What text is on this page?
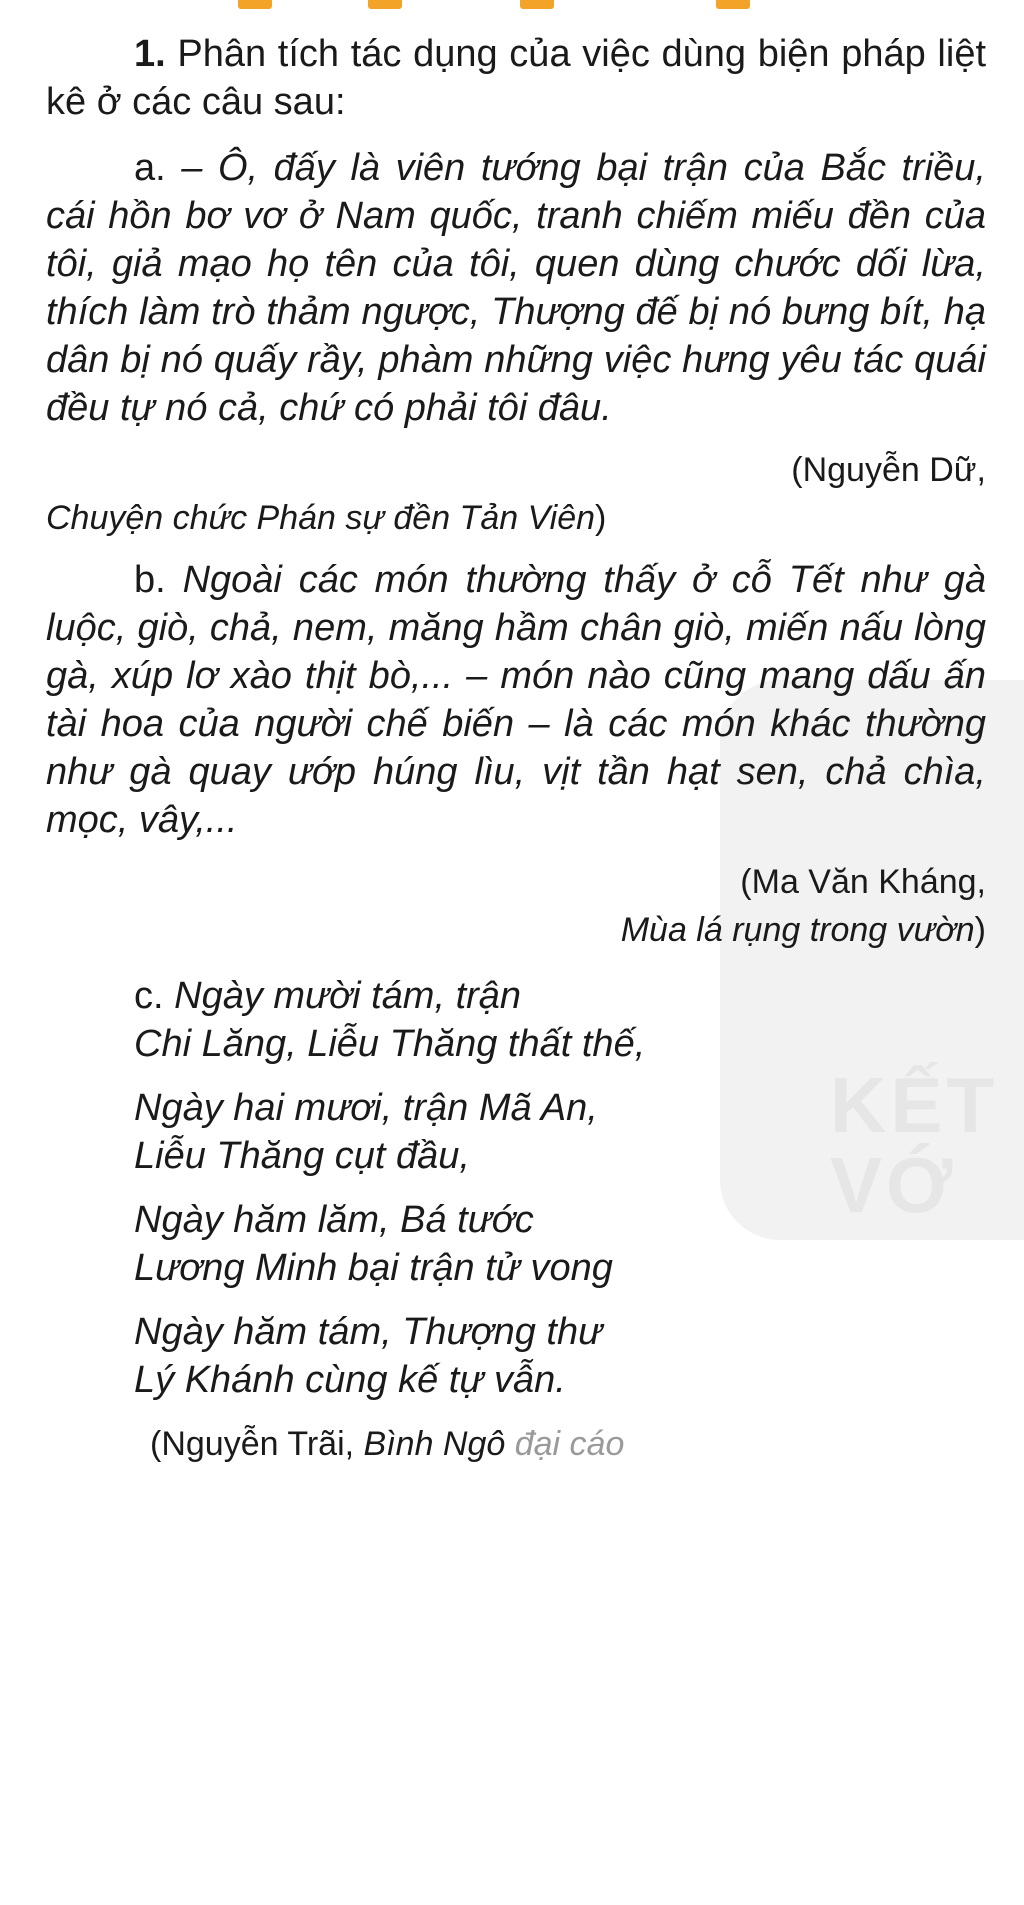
KẾT
VỚ

1. Phân tích tác dụng của việc dùng biện pháp liệt kê ở các câu sau:

a. – Ô, đấy là viên tướng bại trận của Bắc triều, cái hồn bơ vơ ở Nam quốc, tranh chiếm miếu đền của tôi, giả mạo họ tên của tôi, quen dùng chước dối lừa, thích làm trò thảm ngược, Thượng đế bị nó bưng bít, hạ dân bị nó quấy rầy, phàm những việc hưng yêu tác quái đều tự nó cả, chứ có phải tôi đâu.

(Nguyễn Dữ,
Chuyện chức Phán sự đền Tản Viên)

b. Ngoài các món thường thấy ở cỗ Tết như gà luộc, giò, chả, nem, măng hầm chân giò, miến nấu lòng gà, xúp lơ xào thịt bò,... – món nào cũng mang dấu ấn tài hoa của người chế biến – là các món khác thường như gà quay ướp húng lìu, vịt tần hạt sen, chả chìa, mọc, vây,...

(Ma Văn Kháng,
Mùa lá rụng trong vườn)

c. Ngày mười tám, trận
Chi Lăng, Liễu Thăng thất thế,
Ngày hai mươi, trận Mã An,
Liễu Thăng cụt đầu,
Ngày hăm lăm, Bá tước
Lương Minh bại trận tử vong
Ngày hăm tám, Thượng thư
Lý Khánh cùng kế tự vẫn.

(Nguyễn Trãi, Bình Ngô đại cáo
